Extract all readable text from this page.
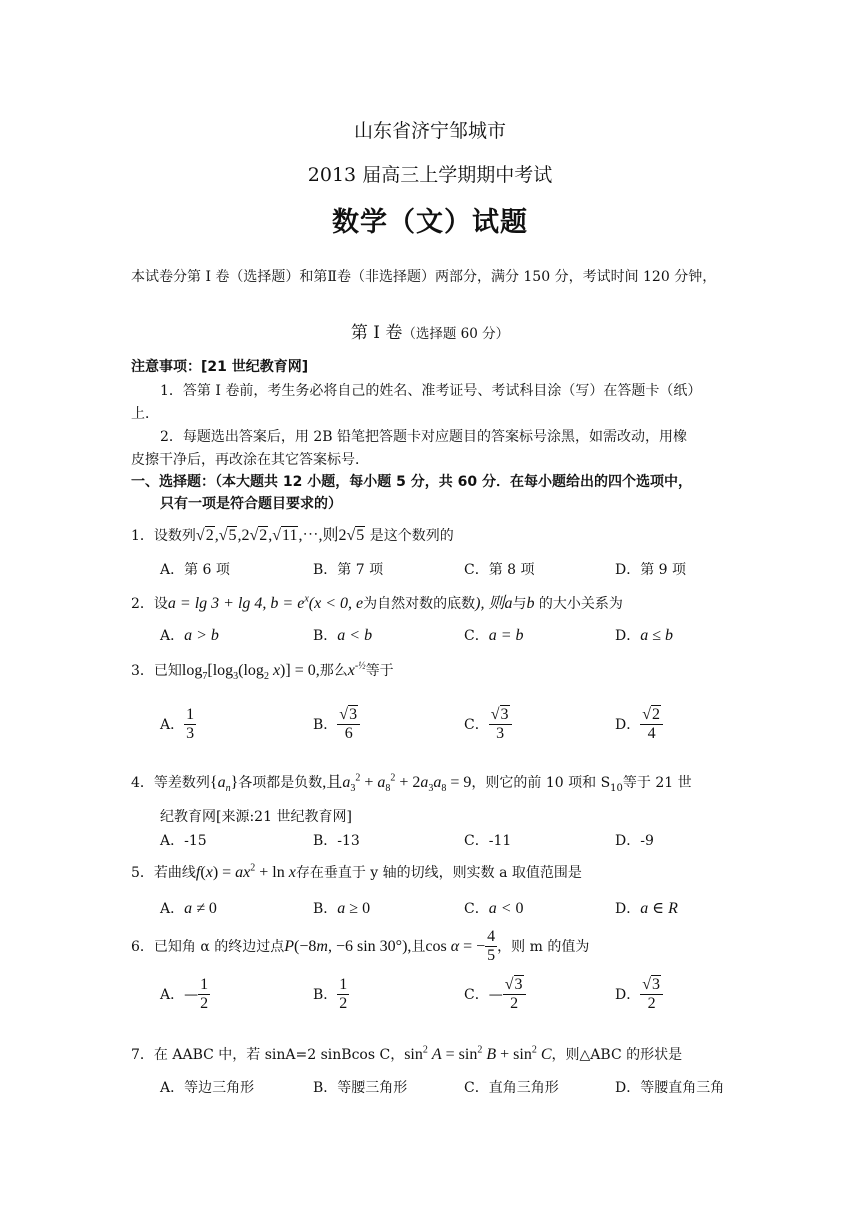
山东省济宁邹城市
2013 届高三上学期期中考试
数学（文）试题
本试卷分第 I 卷（选择题）和第Ⅱ卷（非选择题）两部分，满分 150 分，考试时间 120 分钟，
第 Ⅰ 卷（选择题 60 分）
注意事项：[21 世纪教育网]
1．答第 I 卷前，考生务必将自己的姓名、准考证号、考试科目涂（写）在答题卡（纸）
上．
2．每题选出答案后，用 2B 铅笔把答题卡对应题目的答案标号涂黑，如需改动，用橡
皮擦干净后，再改涂在其它答案标号．
一、选择题：（本大题共 12 小题，每小题 5 分，共 60 分．在每小题给出的四个选项中，
只有一项是符合题目要求的）
1．设数列√2,√5,2√2,√11,⋯,则2√5 是这个数列的
A．第 6 项	B．第 7 项	C．第 8 项	D．第 9 项
2．设a = lg 3 + lg 4, $b = e^x(x < 0$, e为自然对数的底数), 则a与b 的大小关系为
A．a > b	B．a < b	C．a = b	D．a ≤ b
3．已知$\log_7[\log_3(\log_2$ x)] = 0,那么$x^{-\frac{1}{2}}$等于
A． $\frac{1}{3}$	B． $\frac{√3}{6}$	C． $\frac{√3}{3}$	D． $\frac{√2}{4}$
4．等差数列$\{a_n\}$各项都是负数,且$a_3^2 + a_8^2 + 2a_3a_8 = 9$，则它的前 10 项和 $S_{10}$等于 21 世
纪教育网[来源:21 世纪教育网]
A．-15	B．-13	C．-11	D．-9
5．若曲线$f(x) = ax^2 + \ln x$存在垂直于 y 轴的切线，则实数 a 取值范围是
A．a ≠ 0	B．a ≥ 0	C．a < 0	D．a ∈ R
6．已知角 α 的终边过点P(−8m, −6 sin 30°),且cos α = − $\frac{4}{5}$ ，则 m 的值为
A．— $\frac{1}{2}$	B． $\frac{1}{2}$	C．— $\frac{√3}{2}$	D． $\frac{√3}{2}$
7．在 AABC 中，若 sinA=2 sinBcos C，$\sin^2 A = \sin^2 B + \sin^2 C$，则△ABC 的形状是
A．等边三角形	B．等腰三角形	C．直角三角形	D．等腰直角三角
